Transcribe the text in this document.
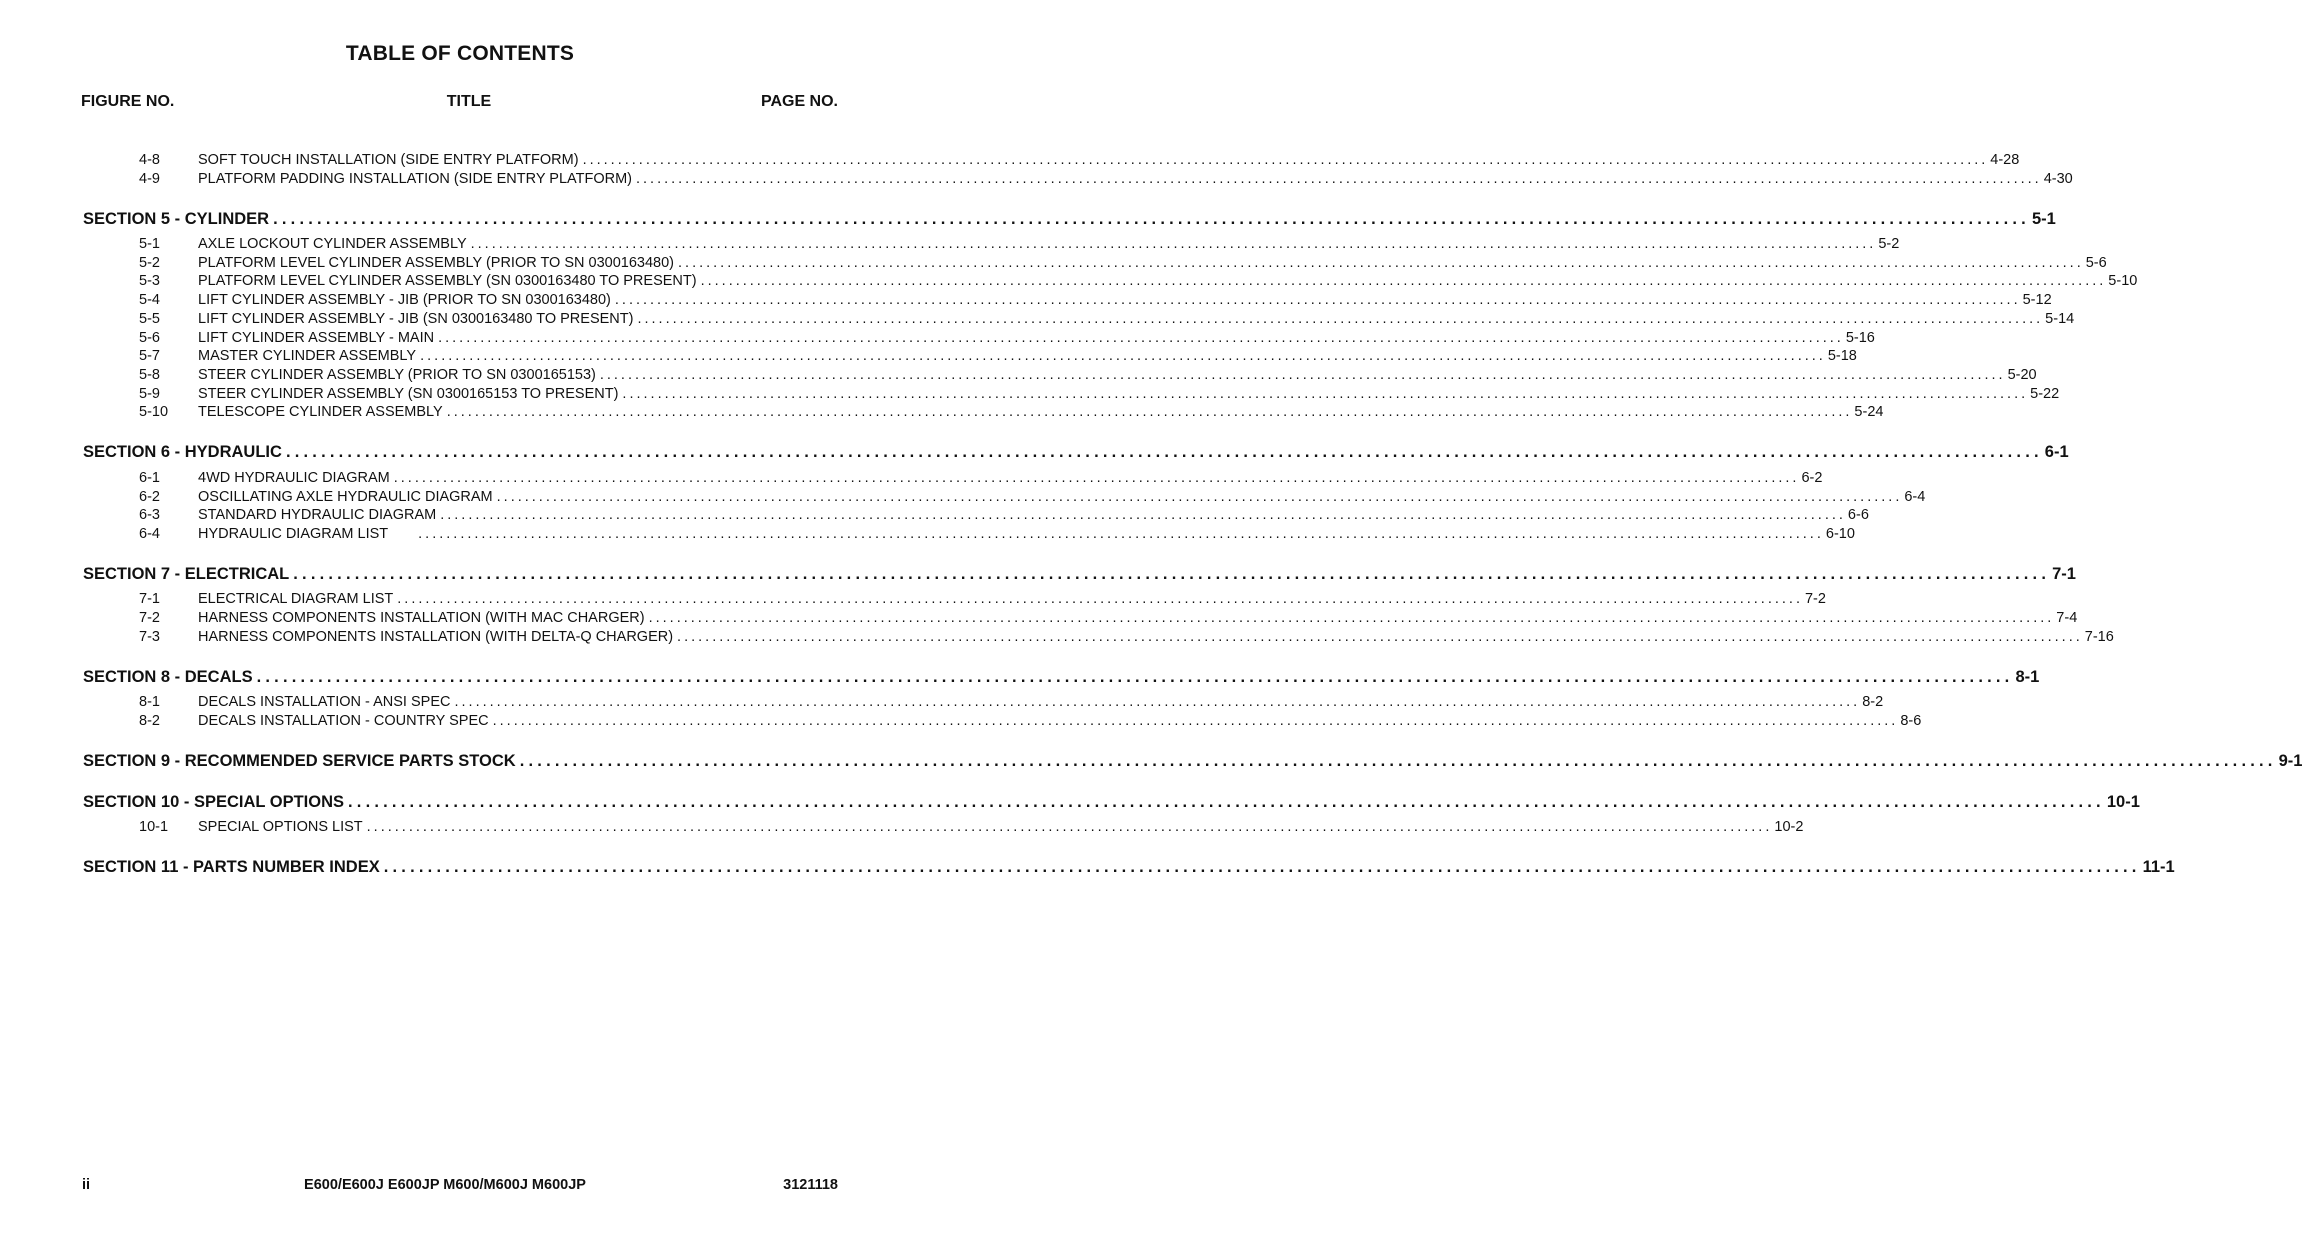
TABLE OF CONTENTS
FIGURE NO.	TITLE	PAGE NO.
4-8	SOFT TOUCH INSTALLATION (SIDE ENTRY PLATFORM) ........................................................................................................................................................................................................ 4-28
4-9	PLATFORM PADDING INSTALLATION (SIDE ENTRY PLATFORM) ........................................................................................................................................................................................................ 4-30
SECTION 5 - CYLINDER ........................................................................................................................................................................................................ 5-1
5-1	AXLE LOCKOUT CYLINDER ASSEMBLY ........................................................................................................................................................................................................ 5-2
5-2	PLATFORM LEVEL CYLINDER ASSEMBLY (PRIOR TO SN 0300163480) ........................................................................................................................................................................................................ 5-6
5-3	PLATFORM LEVEL CYLINDER ASSEMBLY (SN 0300163480 TO PRESENT) ........................................................................................................................................................................................................ 5-10
5-4	LIFT CYLINDER ASSEMBLY - JIB (PRIOR TO SN 0300163480) ........................................................................................................................................................................................................ 5-12
5-5	LIFT CYLINDER ASSEMBLY - JIB (SN 0300163480 TO PRESENT) ........................................................................................................................................................................................................ 5-14
5-6	LIFT CYLINDER ASSEMBLY - MAIN ........................................................................................................................................................................................................ 5-16
5-7	MASTER CYLINDER ASSEMBLY ........................................................................................................................................................................................................ 5-18
5-8	STEER CYLINDER ASSEMBLY (PRIOR TO SN 0300165153) ........................................................................................................................................................................................................ 5-20
5-9	STEER CYLINDER ASSEMBLY (SN 0300165153 TO PRESENT) ........................................................................................................................................................................................................ 5-22
5-10	TELESCOPE CYLINDER ASSEMBLY ........................................................................................................................................................................................................ 5-24
SECTION 6 - HYDRAULIC ........................................................................................................................................................................................................ 6-1
6-1	4WD HYDRAULIC DIAGRAM ........................................................................................................................................................................................................ 6-2
6-2	OSCILLATING AXLE HYDRAULIC DIAGRAM ........................................................................................................................................................................................................ 6-4
6-3	STANDARD HYDRAULIC DIAGRAM ........................................................................................................................................................................................................ 6-6
6-4	HYDRAULIC DIAGRAM LIST ........................................................................................................................................................................................................ 6-10
SECTION 7 - ELECTRICAL ........................................................................................................................................................................................................ 7-1
7-1	ELECTRICAL DIAGRAM LIST ........................................................................................................................................................................................................ 7-2
7-2	HARNESS COMPONENTS INSTALLATION (WITH MAC CHARGER) ........................................................................................................................................................................................................ 7-4
7-3	HARNESS COMPONENTS INSTALLATION (WITH DELTA-Q CHARGER) ........................................................................................................................................................................................................ 7-16
SECTION 8 - DECALS ........................................................................................................................................................................................................ 8-1
8-1	DECALS INSTALLATION - ANSI SPEC ........................................................................................................................................................................................................ 8-2
8-2	DECALS INSTALLATION - COUNTRY SPEC ........................................................................................................................................................................................................ 8-6
SECTION 9 - RECOMMENDED SERVICE PARTS STOCK ........................................................................................................................................................................................................ 9-1
SECTION 10 - SPECIAL OPTIONS ........................................................................................................................................................................................................ 10-1
10-1	SPECIAL OPTIONS LIST ........................................................................................................................................................................................................ 10-2
SECTION 11 - PARTS NUMBER INDEX ........................................................................................................................................................................................................ 11-1
ii	E600/E600J E600JP M600/M600J M600JP	3121118
